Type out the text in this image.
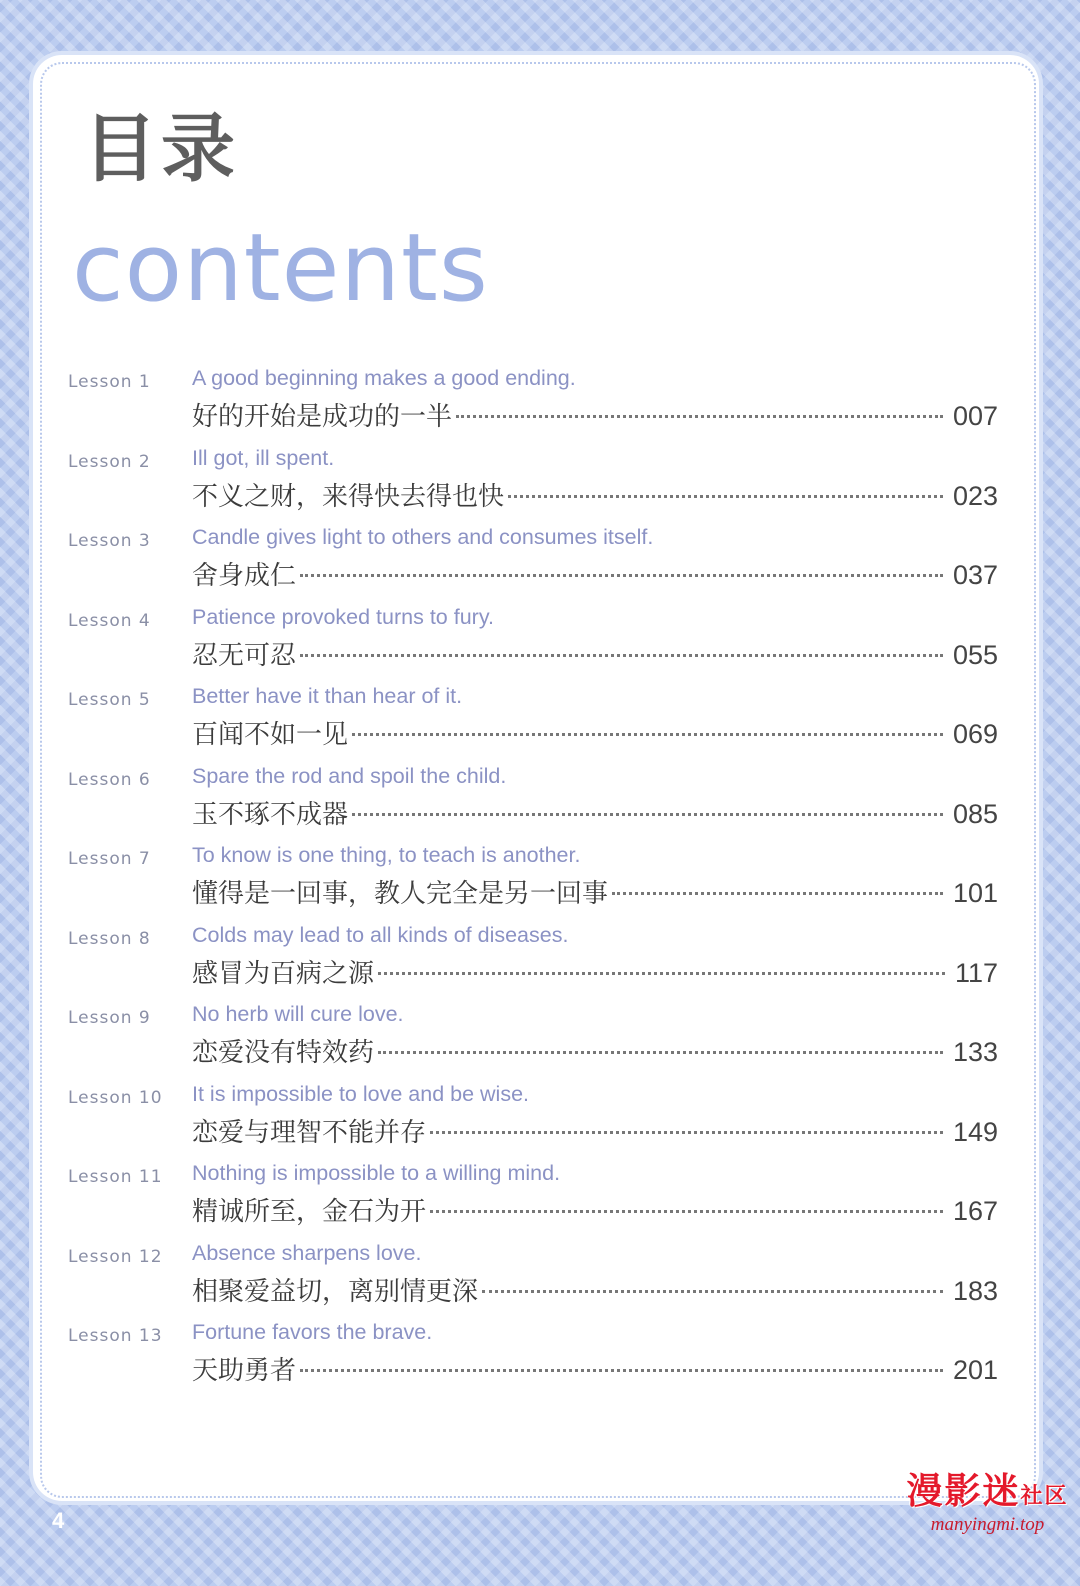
目录
contents
Lesson 1 A good beginning makes a good ending.
好的开始是成功的一半	007
Lesson 2 Ill got, ill spent.
不义之财，来得快去得也快	023
Lesson 3 Candle gives light to others and consumes itself.
舍身成仁	037
Lesson 4 Patience provoked turns to fury.
忍无可忍	055
Lesson 5 Better have it than hear of it.
百闻不如一见	069
Lesson 6 Spare the rod and spoil the child.
玉不琢不成器	085
Lesson 7 To know is one thing, to teach is another.
懂得是一回事，教人完全是另一回事	101
Lesson 8 Colds may lead to all kinds of diseases.
感冒为百病之源	117
Lesson 9 No herb will cure love.
恋爱没有特效药	133
Lesson 10 It is impossible to love and be wise.
恋爱与理智不能并存	149
Lesson 11 Nothing is impossible to a willing mind.
精诚所至，金石为开	167
Lesson 12 Absence sharpens love.
相聚爱益切，离别情更深	183
Lesson 13 Fortune favors the brave.
天助勇者	201
4
漫影迷社区
manyingmi.top
